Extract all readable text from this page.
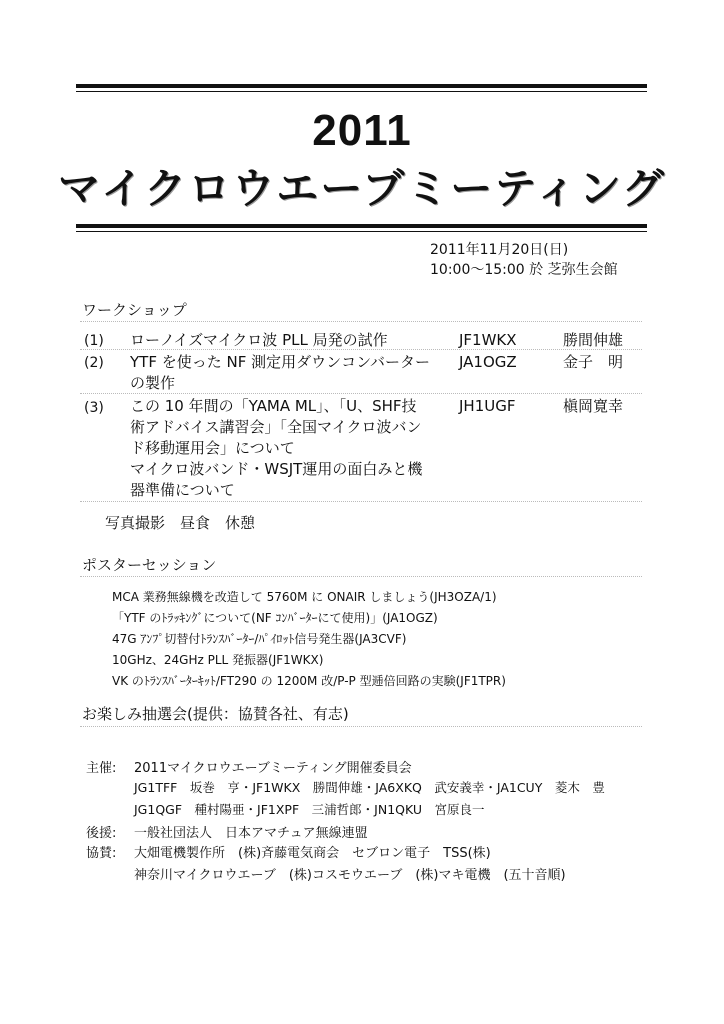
2011
マイクロウエーブミーティング
2011年11月20日(日)
10:00～15:00 於 芝弥生会館
ワークショップ
(1) ローノイズマイクロ波 PLL 局発の試作	JF1WKX	勝間伸雄
(2) YTF を使った NF 測定用ダウンコンバーター
の製作
JA1OGZ	金子　明
(3) この 10 年間の「YAMA ML」、「U、SHF技
術アドバイス講習会」「全国マイクロ波バン
ド移動運用会」について
マイクロ波バンド・WSJT運用の面白みと機
器準備について
JH1UGF	槇岡寛幸
写真撮影　昼食　休憩
ポスターセッション
MCA 業務無線機を改造して 5760M に ONAIR しましょう(JH3OZA/1)
「YTF のﾄﾗｯｷﾝｸﾞについて(NF ｺﾝﾊﾞｰﾀｰにて使用)」(JA1OGZ)
47G ｱﾝﾌﾟ切替付ﾄﾗﾝｽﾊﾞｰﾀｰ/ﾊﾟｲﾛｯﾄ信号発生器(JA3CVF)
10GHz、24GHz PLL 発振器(JF1WKX)
VK のﾄﾗﾝｽﾊﾞｰﾀｰｷｯﾄ/FT290 の 1200M 改/P-P 型逓倍回路の実験(JF1TPR)
お楽しみ抽選会(提供：協賛各社、有志)
主催: 2011マイクロウエーブミーティング開催委員会
JG1TFF　坂巻　亨・JF1WKX　勝間伸雄・JA6XKQ　武安義幸・JA1CUY　菱木　豊
JG1QGF　種村陽亜・JF1XPF　三浦哲郎・JN1QKU　宮原良一
後援: 一般社団法人　日本アマチュア無線連盟
協賛: 大畑電機製作所　(株)斉藤電気商会　セブロン電子　TSS(株)
神奈川マイクロウエーブ　(株)コスモウエーブ　(株)マキ電機　(五十音順)
